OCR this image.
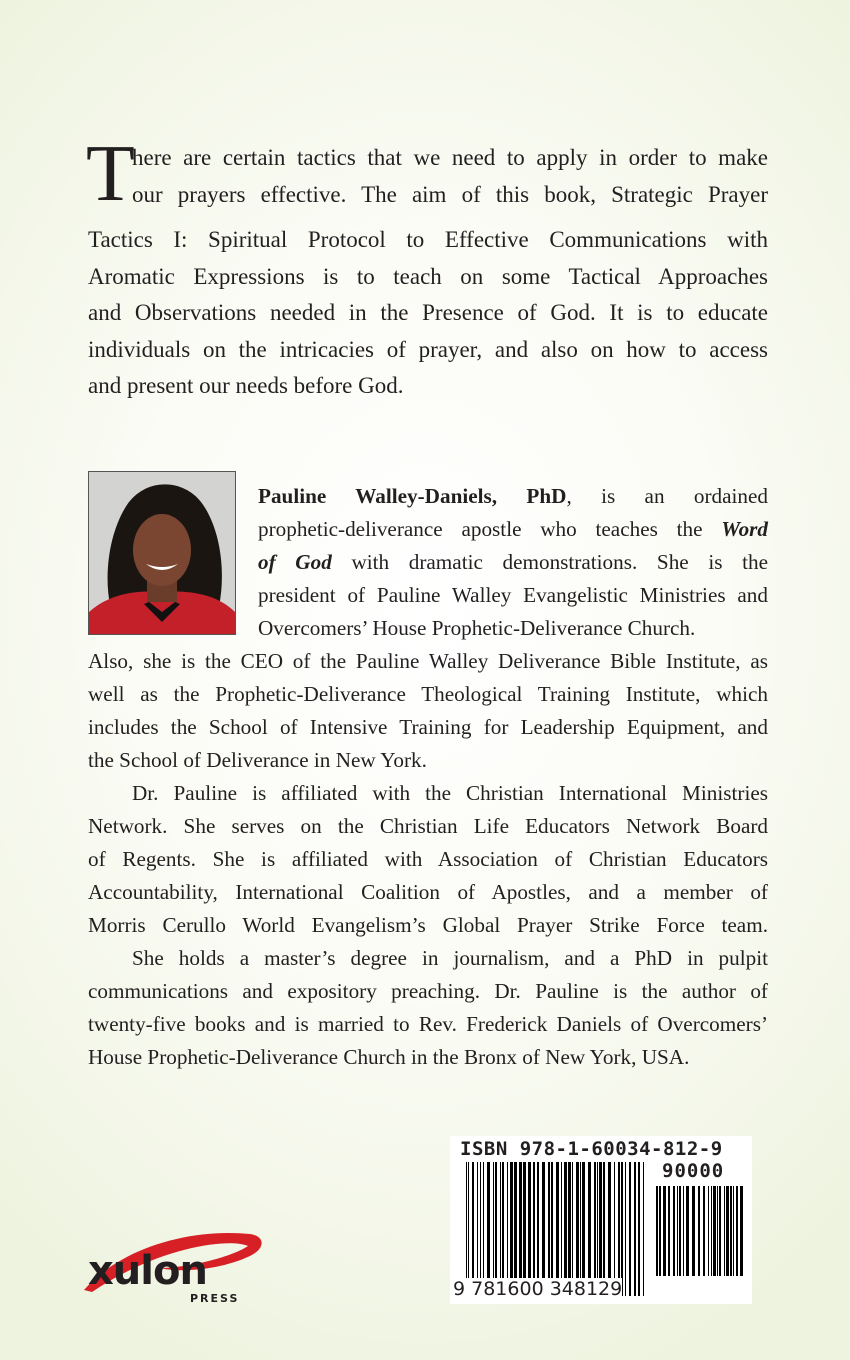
T
here are certain tactics that we need to apply in order to make
our prayers effective. The aim of this book, Strategic Prayer
Tactics I: Spiritual Protocol to Effective Communications with
Aromatic Expressions is to teach on some Tactical Approaches
and Observations needed in the Presence of God. It is to educate
individuals on the intricacies of prayer, and also on how to access
and present our needs before God.
Pauline Walley-Daniels, PhD, is an ordained
prophetic-deliverance apostle who teaches the Word
of God with dramatic demonstrations. She is the
president of Pauline Walley Evangelistic Ministries and
Overcomers’ House Prophetic-Deliverance Church.
Also, she is the CEO of the Pauline Walley Deliverance Bible Institute, as
well as the Prophetic-Deliverance Theological Training Institute, which
includes the School of Intensive Training for Leadership Equipment, and
the School of Deliverance in New York.
Dr. Pauline is affiliated with the Christian International Ministries
Network. She serves on the Christian Life Educators Network Board
of Regents. She is affiliated with Association of Christian Educators
Accountability, International Coalition of Apostles, and a member of
Morris Cerullo World Evangelism’s Global Prayer Strike Force team.
She holds a master’s degree in journalism, and a PhD in pulpit
communications and expository preaching. Dr. Pauline is the author of
twenty-five books and is married to Rev. Frederick Daniels of Overcomers’
House Prophetic-Deliverance Church in the Bronx of New York, USA.
ISBN 978-1-60034-812-9
90000
9 781600 348129
xulon
PRESS
